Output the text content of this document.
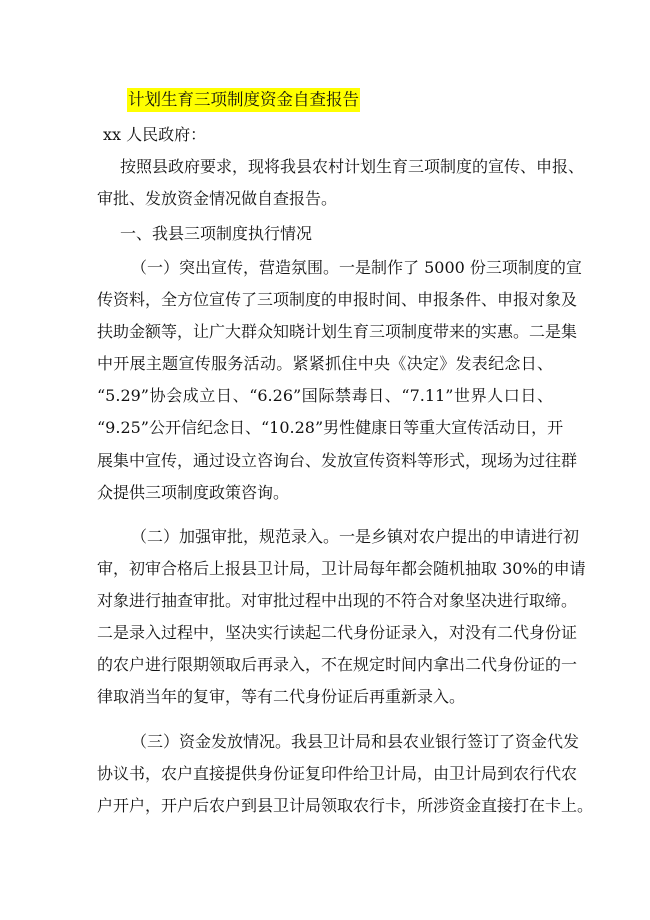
计划生育三项制度资金自查报告
xx 人民政府：
按照县政府要求，现将我县农村计划生育三项制度的宣传、申报、
审批、发放资金情况做自查报告。
一、我县三项制度执行情况
（一）突出宣传，营造氛围。一是制作了 5000 份三项制度的宣
传资料，全方位宣传了三项制度的申报时间、申报条件、申报对象及
扶助金额等，让广大群众知晓计划生育三项制度带来的实惠。二是集
中开展主题宣传服务活动。紧紧抓住中央《决定》发表纪念日、
“5.29”协会成立日、“6.26”国际禁毒日、“7.11”世界人口日、
“9.25”公开信纪念日、“10.28”男性健康日等重大宣传活动日，开
展集中宣传，通过设立咨询台、发放宣传资料等形式，现场为过往群
众提供三项制度政策咨询。
（二）加强审批，规范录入。一是乡镇对农户提出的申请进行初
审，初审合格后上报县卫计局，卫计局每年都会随机抽取 30%的申请
对象进行抽查审批。对审批过程中出现的不符合对象坚决进行取缔。
二是录入过程中，坚决实行读起二代身份证录入，对没有二代身份证
的农户进行限期领取后再录入，不在规定时间内拿出二代身份证的一
律取消当年的复审，等有二代身份证后再重新录入。
（三）资金发放情况。我县卫计局和县农业银行签订了资金代发
协议书，农户直接提供身份证复印件给卫计局，由卫计局到农行代农
户开户，开户后农户到县卫计局领取农行卡，所涉资金直接打在卡上。
